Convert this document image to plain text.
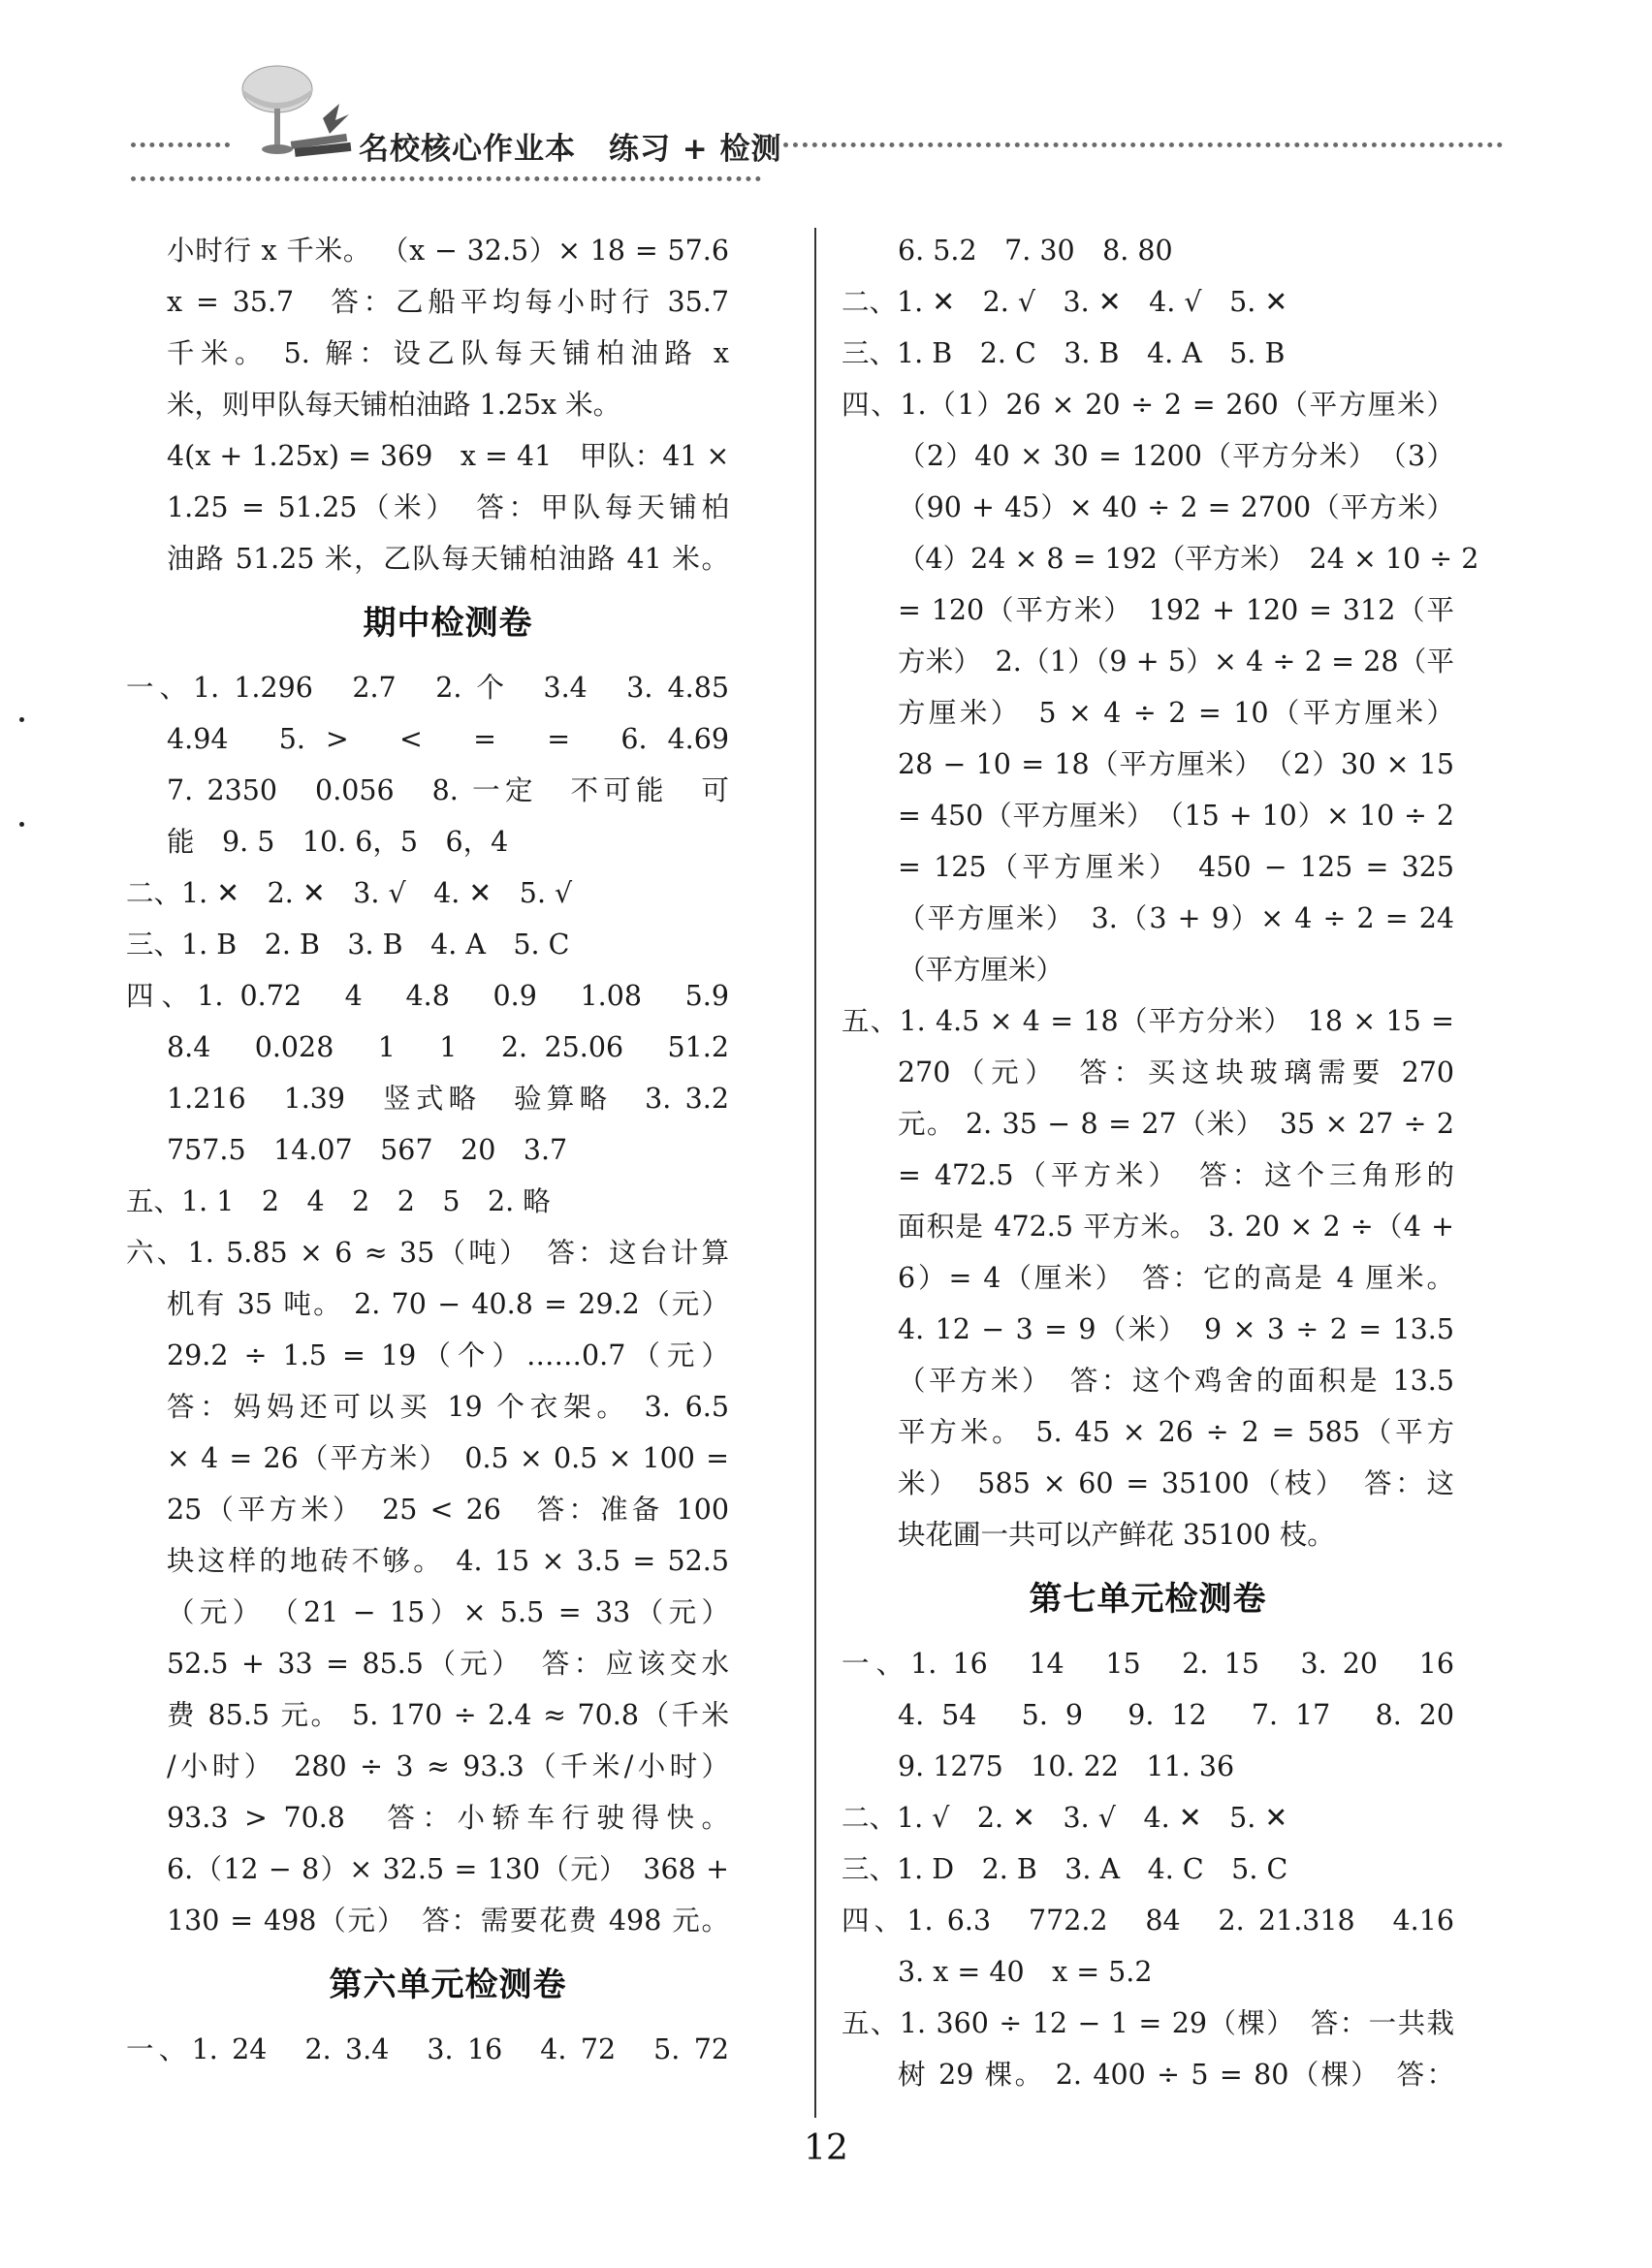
名校核心作业本 练习 + 检测
小时行 x 千米。 （x − 32.5）× 18 = 57.6
x = 35.7　答：乙船平均每小时行 35.7
千米。 5. 解：设乙队每天铺柏油路 x
米，则甲队每天铺柏油路 1.25x 米。
4(x + 1.25x) = 369　x = 41　甲队：41 ×
1.25 = 51.25（米）　答：甲队每天铺柏
油路 51.25 米，乙队每天铺柏油路 41 米。
期中检测卷
一、1. 1.296　2.7　2. 个　3.4　3. 4.85
4.94　5. >　<　=　=　6. 4.69
7. 2350　0.056　8. 一定　不可能　可
能　9. 5　10. 6，5　6，4
二、1. ✕　2. ✕　3. √　4. ✕　5. √
三、1. B　2. B　3. B　4. A　5. C
四、1. 0.72　4　4.8　0.9　1.08　5.9
8.4　0.028　1　1　2. 25.06　51.2
1.216　1.39　竖式略　验算略　3. 3.2
757.5　14.07　567　20　3.7
五、1. 1　2　4　2　2　5　2. 略
六、1. 5.85 × 6 ≈ 35（吨）　答：这台计算
机有 35 吨。 2. 70 − 40.8 = 29.2（元）
29.2 ÷ 1.5 = 19（个）……0.7（元）
答：妈妈还可以买 19 个衣架。 3. 6.5
× 4 = 26（平方米）　0.5 × 0.5 × 100 =
25（平方米）　25 < 26　答：准备 100
块这样的地砖不够。 4. 15 × 3.5 = 52.5
（元）　（21 − 15）× 5.5 = 33（元）
52.5 + 33 = 85.5（元）　答：应该交水
费 85.5 元。 5. 170 ÷ 2.4 ≈ 70.8（千米
/小时）　280 ÷ 3 ≈ 93.3（千米/小时）
93.3 > 70.8　答：小轿车行驶得快。
6.（12 − 8）× 32.5 = 130（元）　368 +
130 = 498（元）　答：需要花费 498 元。
第六单元检测卷
一、1. 24　2. 3.4　3. 16　4. 72　5. 72
6. 5.2　7. 30　8. 80
二、1. ✕　2. √　3. ✕　4. √　5. ✕
三、1. B　2. C　3. B　4. A　5. B
四、1.（1）26 × 20 ÷ 2 = 260（平方厘米）
（2）40 × 30 = 1200（平方分米）　（3）
（90 + 45）× 40 ÷ 2 = 2700（平方米）
（4）24 × 8 = 192（平方米）　24 × 10 ÷ 2
= 120（平方米）　192 + 120 = 312（平
方米）　2.（1）（9 + 5）× 4 ÷ 2 = 28（平
方厘米）　5 × 4 ÷ 2 = 10（平方厘米）
28 − 10 = 18（平方厘米）　（2）30 × 15
= 450（平方厘米）　（15 + 10）× 10 ÷ 2
= 125（平方厘米）　450 − 125 = 325
（平方厘米）　3.（3 + 9）× 4 ÷ 2 = 24
（平方厘米）
五、1. 4.5 × 4 = 18（平方分米）　18 × 15 =
270（元）　答：买这块玻璃需要 270
元。 2. 35 − 8 = 27（米）　35 × 27 ÷ 2
= 472.5（平方米）　答：这个三角形的
面积是 472.5 平方米。 3. 20 × 2 ÷（4 +
6）= 4（厘米）　答：它的高是 4 厘米。
4. 12 − 3 = 9（米）　9 × 3 ÷ 2 = 13.5
（平方米）　答：这个鸡舍的面积是 13.5
平方米。 5. 45 × 26 ÷ 2 = 585（平方
米）　585 × 60 = 35100（枝）　答：这
块花圃一共可以产鲜花 35100 枝。
第七单元检测卷
一、1. 16　14　15　2. 15　3. 20　16
4. 54　5. 9　9. 12　7. 17　8. 20
9. 1275　10. 22　11. 36
二、1. √　2. ✕　3. √　4. ✕　5. ✕
三、1. D　2. B　3. A　4. C　5. C
四、1. 6.3　772.2　84　2. 21.318　4.16
3. x = 40　x = 5.2
五、1. 360 ÷ 12 − 1 = 29（棵）　答：一共栽
树 29 棵。 2. 400 ÷ 5 = 80（棵）　答：
12
